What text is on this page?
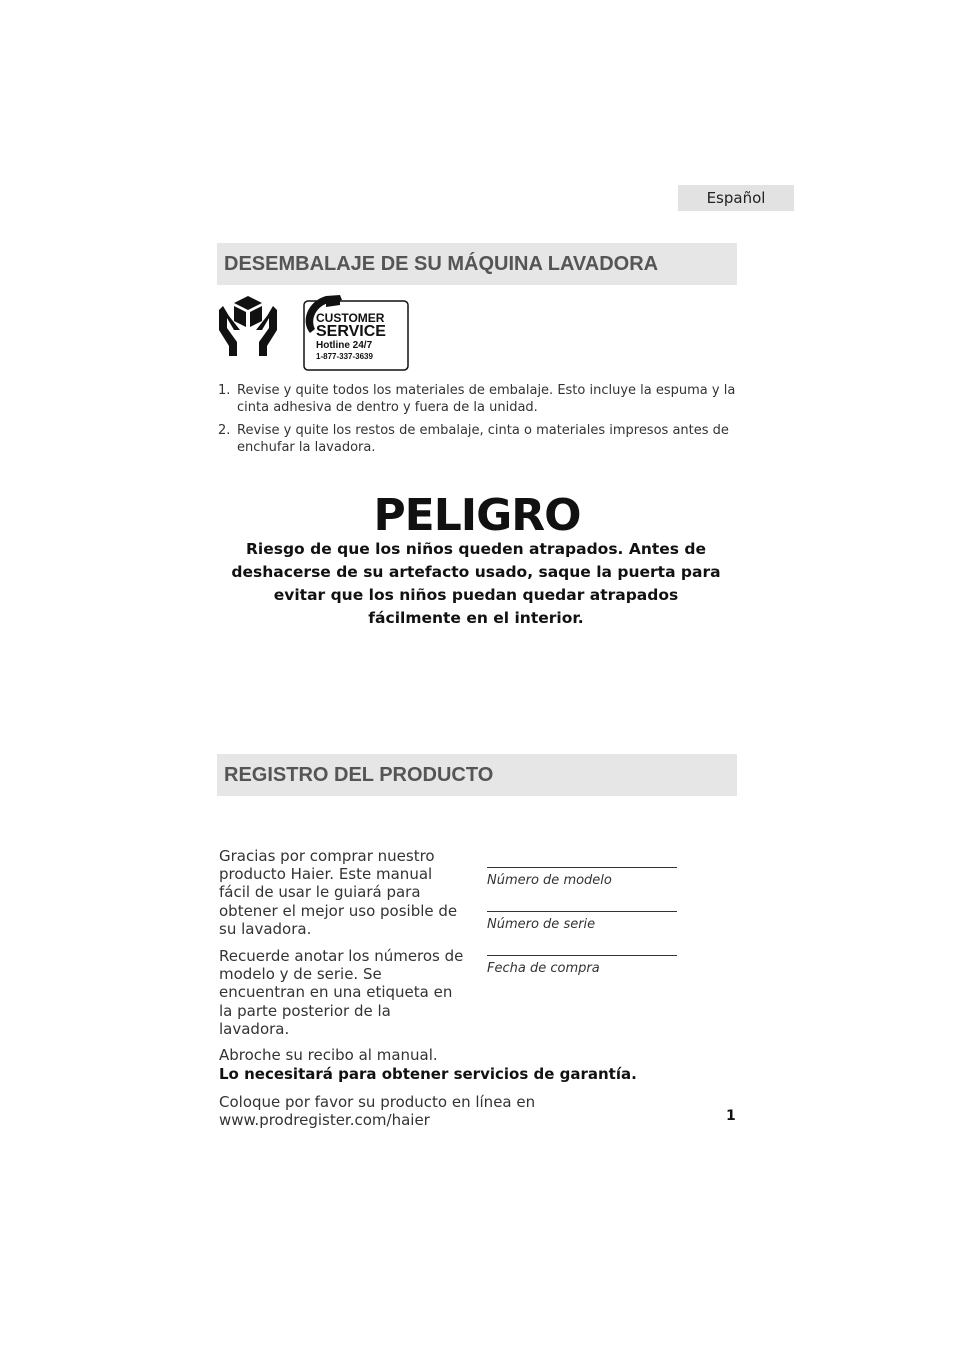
Español
DESEMBALAJE DE SU MÁQUINA LAVADORA
CUSTOMER
SERVICE
Hotline 24/7
1-877-337-3639
1. Revise y quite todos los materiales de embalaje. Esto incluye la espuma y la cinta adhesiva de dentro y fuera de la unidad.
2. Revise y quite los restos de embalaje, cinta o materiales impresos antes de enchufar la lavadora.
PELIGRO
Riesgo de que los niños queden atrapados. Antes de deshacerse de su artefacto usado, saque la puerta para evitar que los niños puedan quedar atrapados fácilmente en el interior.
REGISTRO DEL PRODUCTO

Gracias por comprar nuestro producto Haier. Este manual fácil de usar le guiará para obtener el mejor uso posible de su lavadora.

Recuerde anotar los números de modelo y de serie. Se encuentran en una etiqueta en la parte posterior de la lavadora.

Número de modelo
Número de serie
Fecha de compra
Abroche su recibo al manual.
Lo necesitará para obtener servicios de garantía.
Coloque por favor su producto en línea en www.prodregister.com/haier	1
